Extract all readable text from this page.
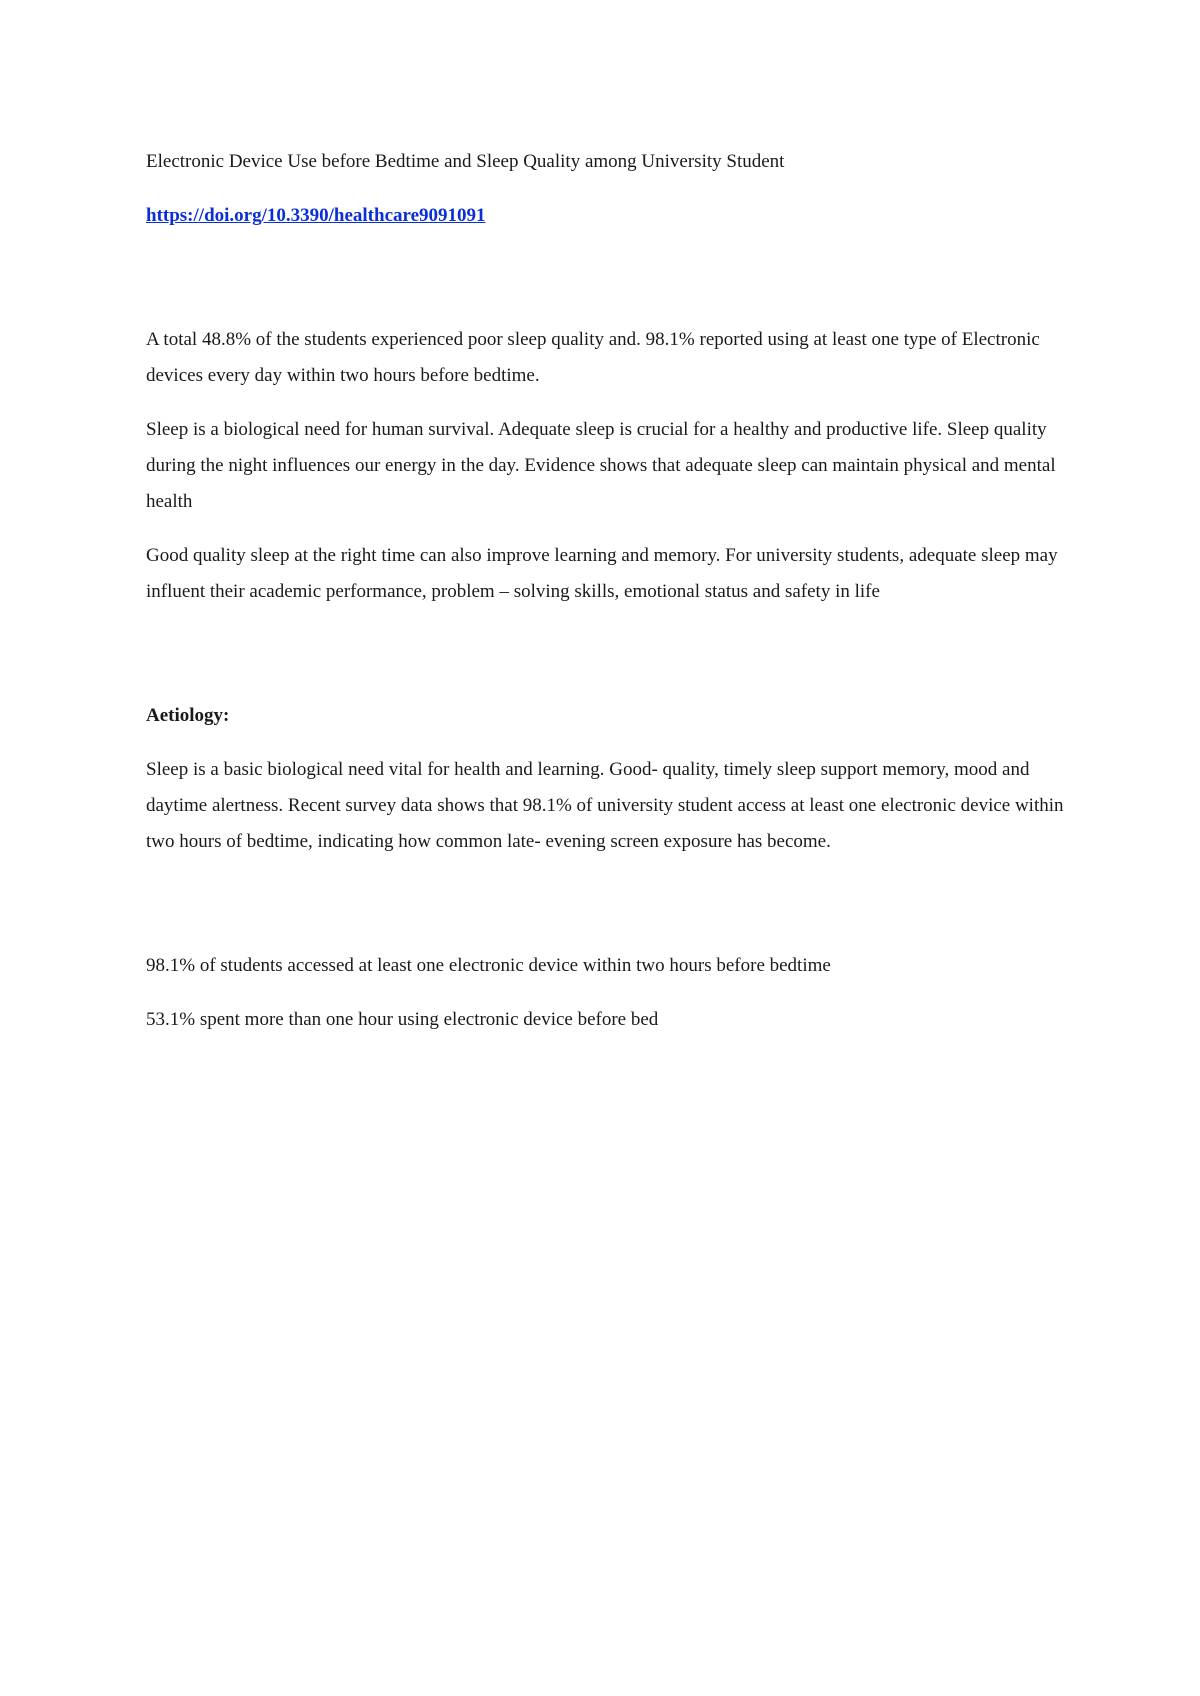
Electronic Device Use before Bedtime and Sleep Quality among University Student

https://doi.org/10.3390/healthcare9091091

A total 48.8% of the students experienced poor sleep quality and. 98.1% reported using at least one type of Electronic devices every day within two hours before bedtime.

Sleep is a biological need for human survival. Adequate sleep is crucial for a healthy and productive life. Sleep quality during the night influences our energy in the day. Evidence shows that adequate sleep can maintain physical and mental health

Good quality sleep at the right time can also improve learning and memory. For university students, adequate sleep may influent their academic performance, problem – solving skills, emotional status and safety in life

Aetiology:

Sleep is a basic biological need vital for health and learning. Good- quality, timely sleep support memory, mood and daytime alertness. Recent survey data shows that 98.1% of university student access at least one electronic device within two hours of bedtime, indicating how common late- evening screen exposure has become.

98.1% of students accessed at least one electronic device within two hours before bedtime

53.1% spent more than one hour using electronic device before bed
